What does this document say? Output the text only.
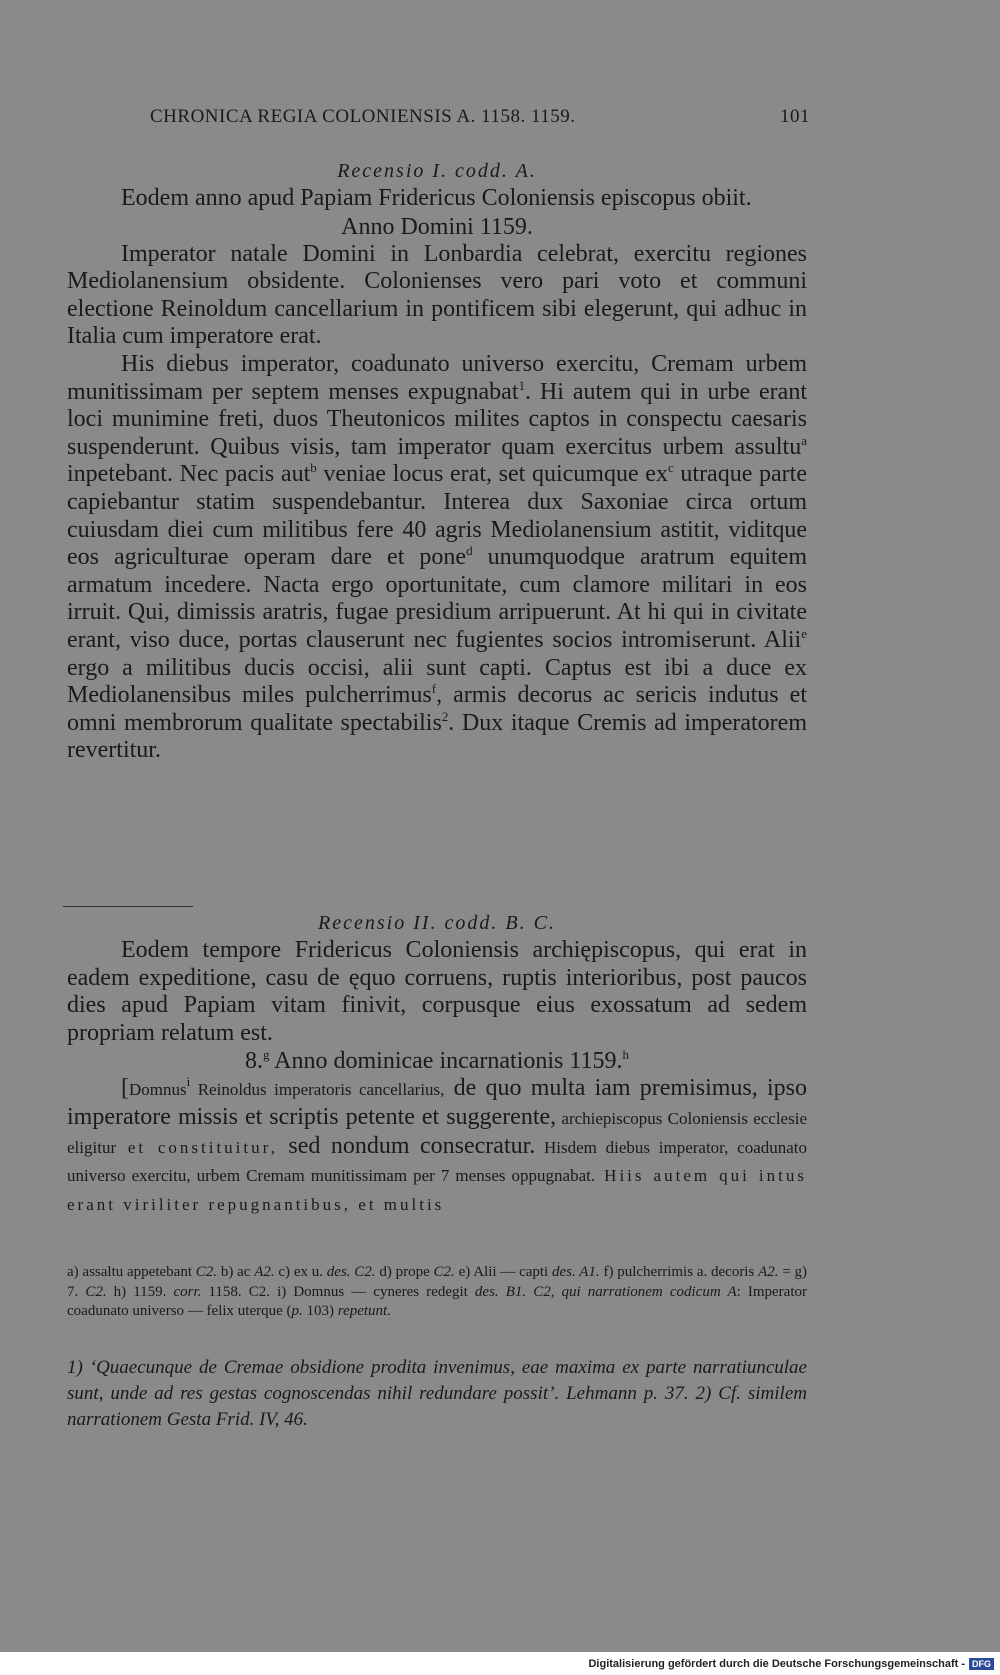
CHRONICA REGIA COLONIENSIS A. 1158. 1159.	101
Recensio I. codd. A.

Eodem anno apud Papiam Fridericus Coloniensis episcopus obiit.

Anno Domini 1159.

Imperator natale Domini in Lonbardia celebrat, exercitu regiones Mediolanensium obsidente. Colonienses vero pari voto et communi electione Reinoldum cancellarium in pontificem sibi elegerunt, qui adhuc in Italia cum imperatore erat.

His diebus imperator, coadunato universo exercitu, Cremam urbem munitissimam per septem menses expugnabat$^1$. Hi autem qui in urbe erant loci munimine freti, duos Theutonicos milites captos in conspectu caesaris suspenderunt. Quibus visis, tam imperator quam exercitus urbem assultu$^a$ inpetebant. Nec pacis aut$^b$ veniae locus erat, set quicumque $ex^c$ utraque parte capiebantur statim suspendebantur. Interea dux Saxoniae circa ortum cuiusdam diei cum militibus fere 40 agris Mediolanensium astitit, viditque eos agriculturae operam dare et pone$^d$ unumquodque aratrum equitem armatum incedere. Nacta ergo oportunitate, cum clamore militari in eos irruit. Qui, dimissis aratris, fugae presidium arripuerunt. At hi qui in civitate erant, viso duce, portas clauserunt nec fugientes socios intromiserunt. Alii$^e$ ergo a militibus ducis occisi, alii sunt capti. Captus est ibi a duce ex Mediolanensibus miles pulcherrimus$^f$, armis decorus ac sericis indutus et omni membrorum qualitate spectabilis$^2$. Dux itaque Cremis ad imperatorem revertitur.

Recensio II. codd. B. C.

Eodem tempore Fridericus Coloniensis archiępiscopus, qui erat in eadem expeditione, casu de ęquo corruens, ruptis interioribus, post paucos dies apud Papiam vitam finivit, corpusque eius exossatum ad sedem propriam relatum est.

8.$^g$ Anno dominicae incarnationis 1159.$^h$

[Domnus$^i$ Reinoldus imperatoris cancellarius, de quo multa iam premisimus, ipso imperatore missis et scriptis petente et suggerente, archiepiscopus Coloniensis ecclesie eligitur et constituitur, sed nondum consecratur. Hisdem diebus imperator, coadunato universo exercitu, urbem Cremam munitissimam per 7 menses oppugnabat. Hiis autem qui intus erant viriliter repugnantibus, et multis

a) assaltu appetebant C2. b) ac A2. c) ex u. des. C2. d) prope C2. e) Alii — capti des. A1. f) pulcherrimis a. decoris A2. = g) 7. C2. h) 1159. corr. 1158. C2. i) Domnus — cyneres redegit des. B1. C2, qui narrationem codicum A: Imperator coadunato universo — felix uterque (p. 103) repetunt.

1) ‘Quaecunque de Cremae obsidione prodita invenimus, eae maxima ex parte narratiunculae sunt, unde ad res gestas cognoscendas nihil redundare possit’. Lehmann p. 37. 2) Cf. similem narrationem Gesta Frid. IV, 46.

Digitalisierung gefördert durch die Deutsche Forschungsgemeinschaft - DFG
